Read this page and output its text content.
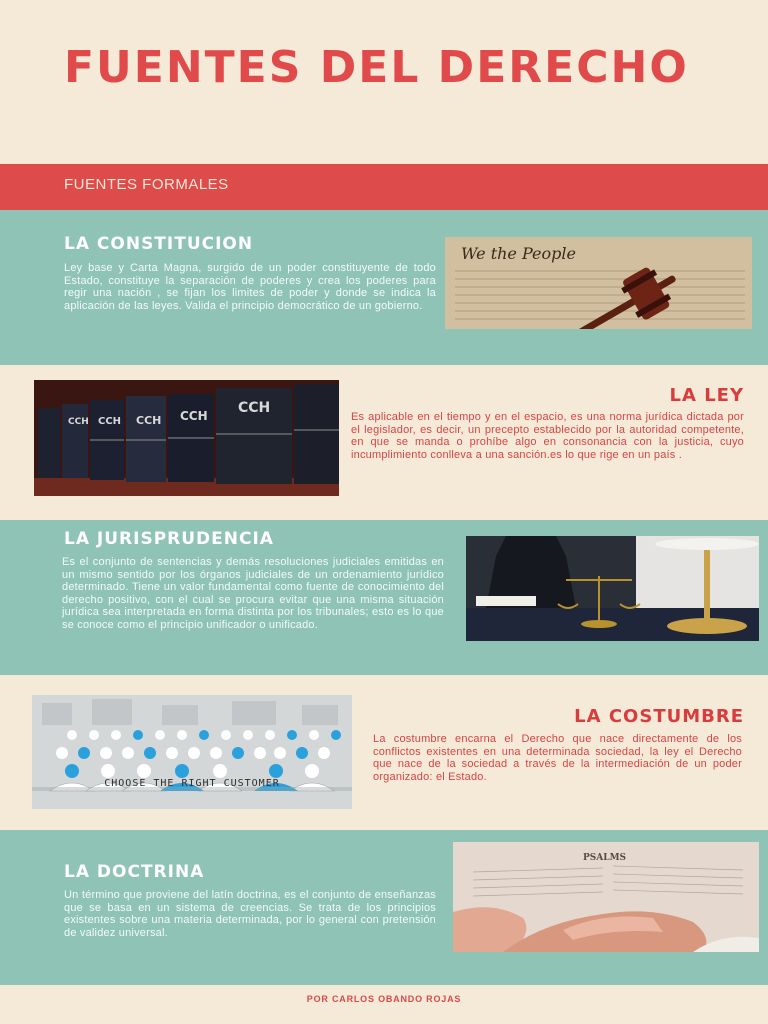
FUENTES DEL DERECHO
FUENTES FORMALES
LA CONSTITUCION
Ley base y Carta Magna, surgido de un poder constituyente de todo Estado, constituye la separación de poderes y crea los poderes para regir una nación , se fijan los limites de poder y donde se indica la aplicación de las leyes. Valida el principio democrático de un gobierno.
We the People
CCH CCH CCH CCH CCH
LA LEY
Es aplicable en el tiempo y en el espacio, es una norma jurídica dictada por el legislador, es decir, un precepto establecido por la autoridad competente, en que se manda o prohíbe algo en consonancia con la justicia, cuyo incumplimiento conlleva a una sanción.es lo que rige en un país .
LA JURISPRUDENCIA
Es el conjunto de sentencias y demás resoluciones judiciales emitidas en un mismo sentido por los órganos judiciales de un ordenamiento jurídico determinado. Tiene un valor fundamental como fuente de conocimiento del derecho positivo, con el cual se procura evitar que una misma situación jurídica sea interpretada en forma distinta por los tribunales; esto es lo que se conoce como el principio unificador o unificado.
CHOOSE THE RIGHT CUSTOMER
LA COSTUMBRE
La costumbre encarna el Derecho que nace directamente de los conflictos existentes en una determinada sociedad, la ley el Derecho que nace de la sociedad a través de la intermediación de un poder organizado: el Estado.
LA DOCTRINA
Un término que proviene del latín doctrina, es el conjunto de enseñanzas que se basa en un sistema de creencias. Se trata de los principios existentes sobre una materia determinada, por lo general con pretensión de validez universal.
PSALMS
POR CARLOS OBANDO ROJAS
